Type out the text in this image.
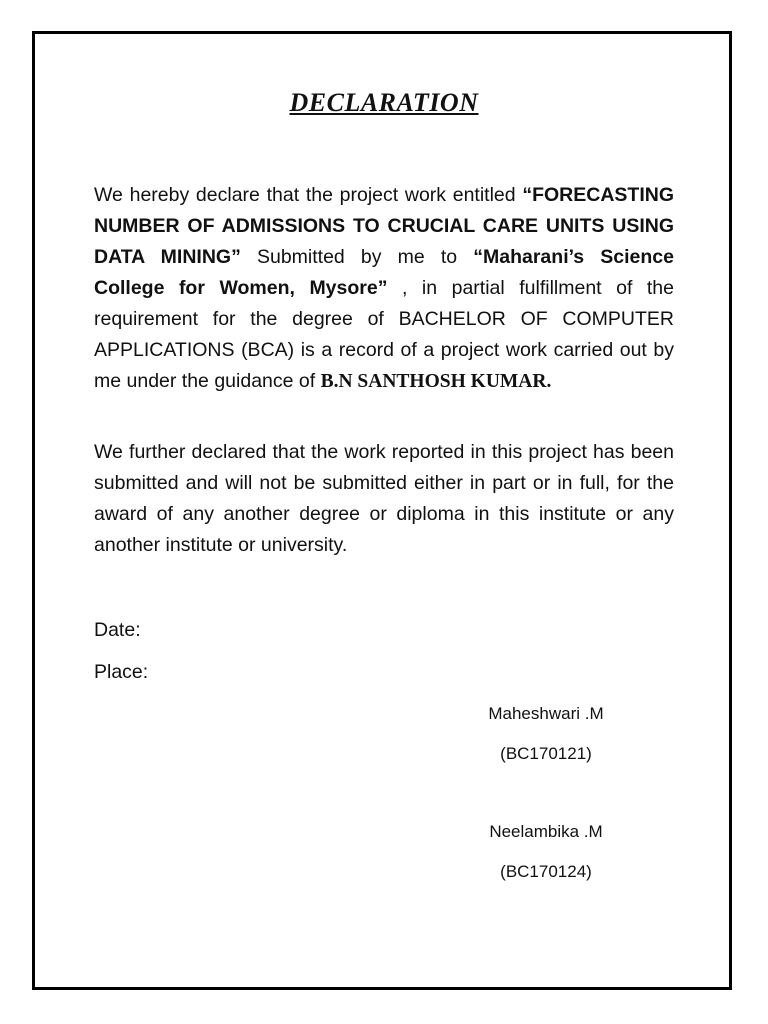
DECLARATION
We hereby declare that the project work entitled “FORECASTING NUMBER OF ADMISSIONS TO CRUCIAL CARE UNITS USING DATA MINING” Submitted by me to “Maharani’s Science College for Women, Mysore” , in partial fulfillment of the requirement for the degree of BACHELOR OF COMPUTER APPLICATIONS (BCA) is a record of a project work carried out by me under the guidance of B.N SANTHOSH KUMAR.
We further declared that the work reported in this project has been submitted and will not be submitted either in part or in full, for the award of any another degree or diploma in this institute or any another institute or university.
Date:
Place:
Maheshwari .M
(BC170121)
Neelambika .M
(BC170124)
